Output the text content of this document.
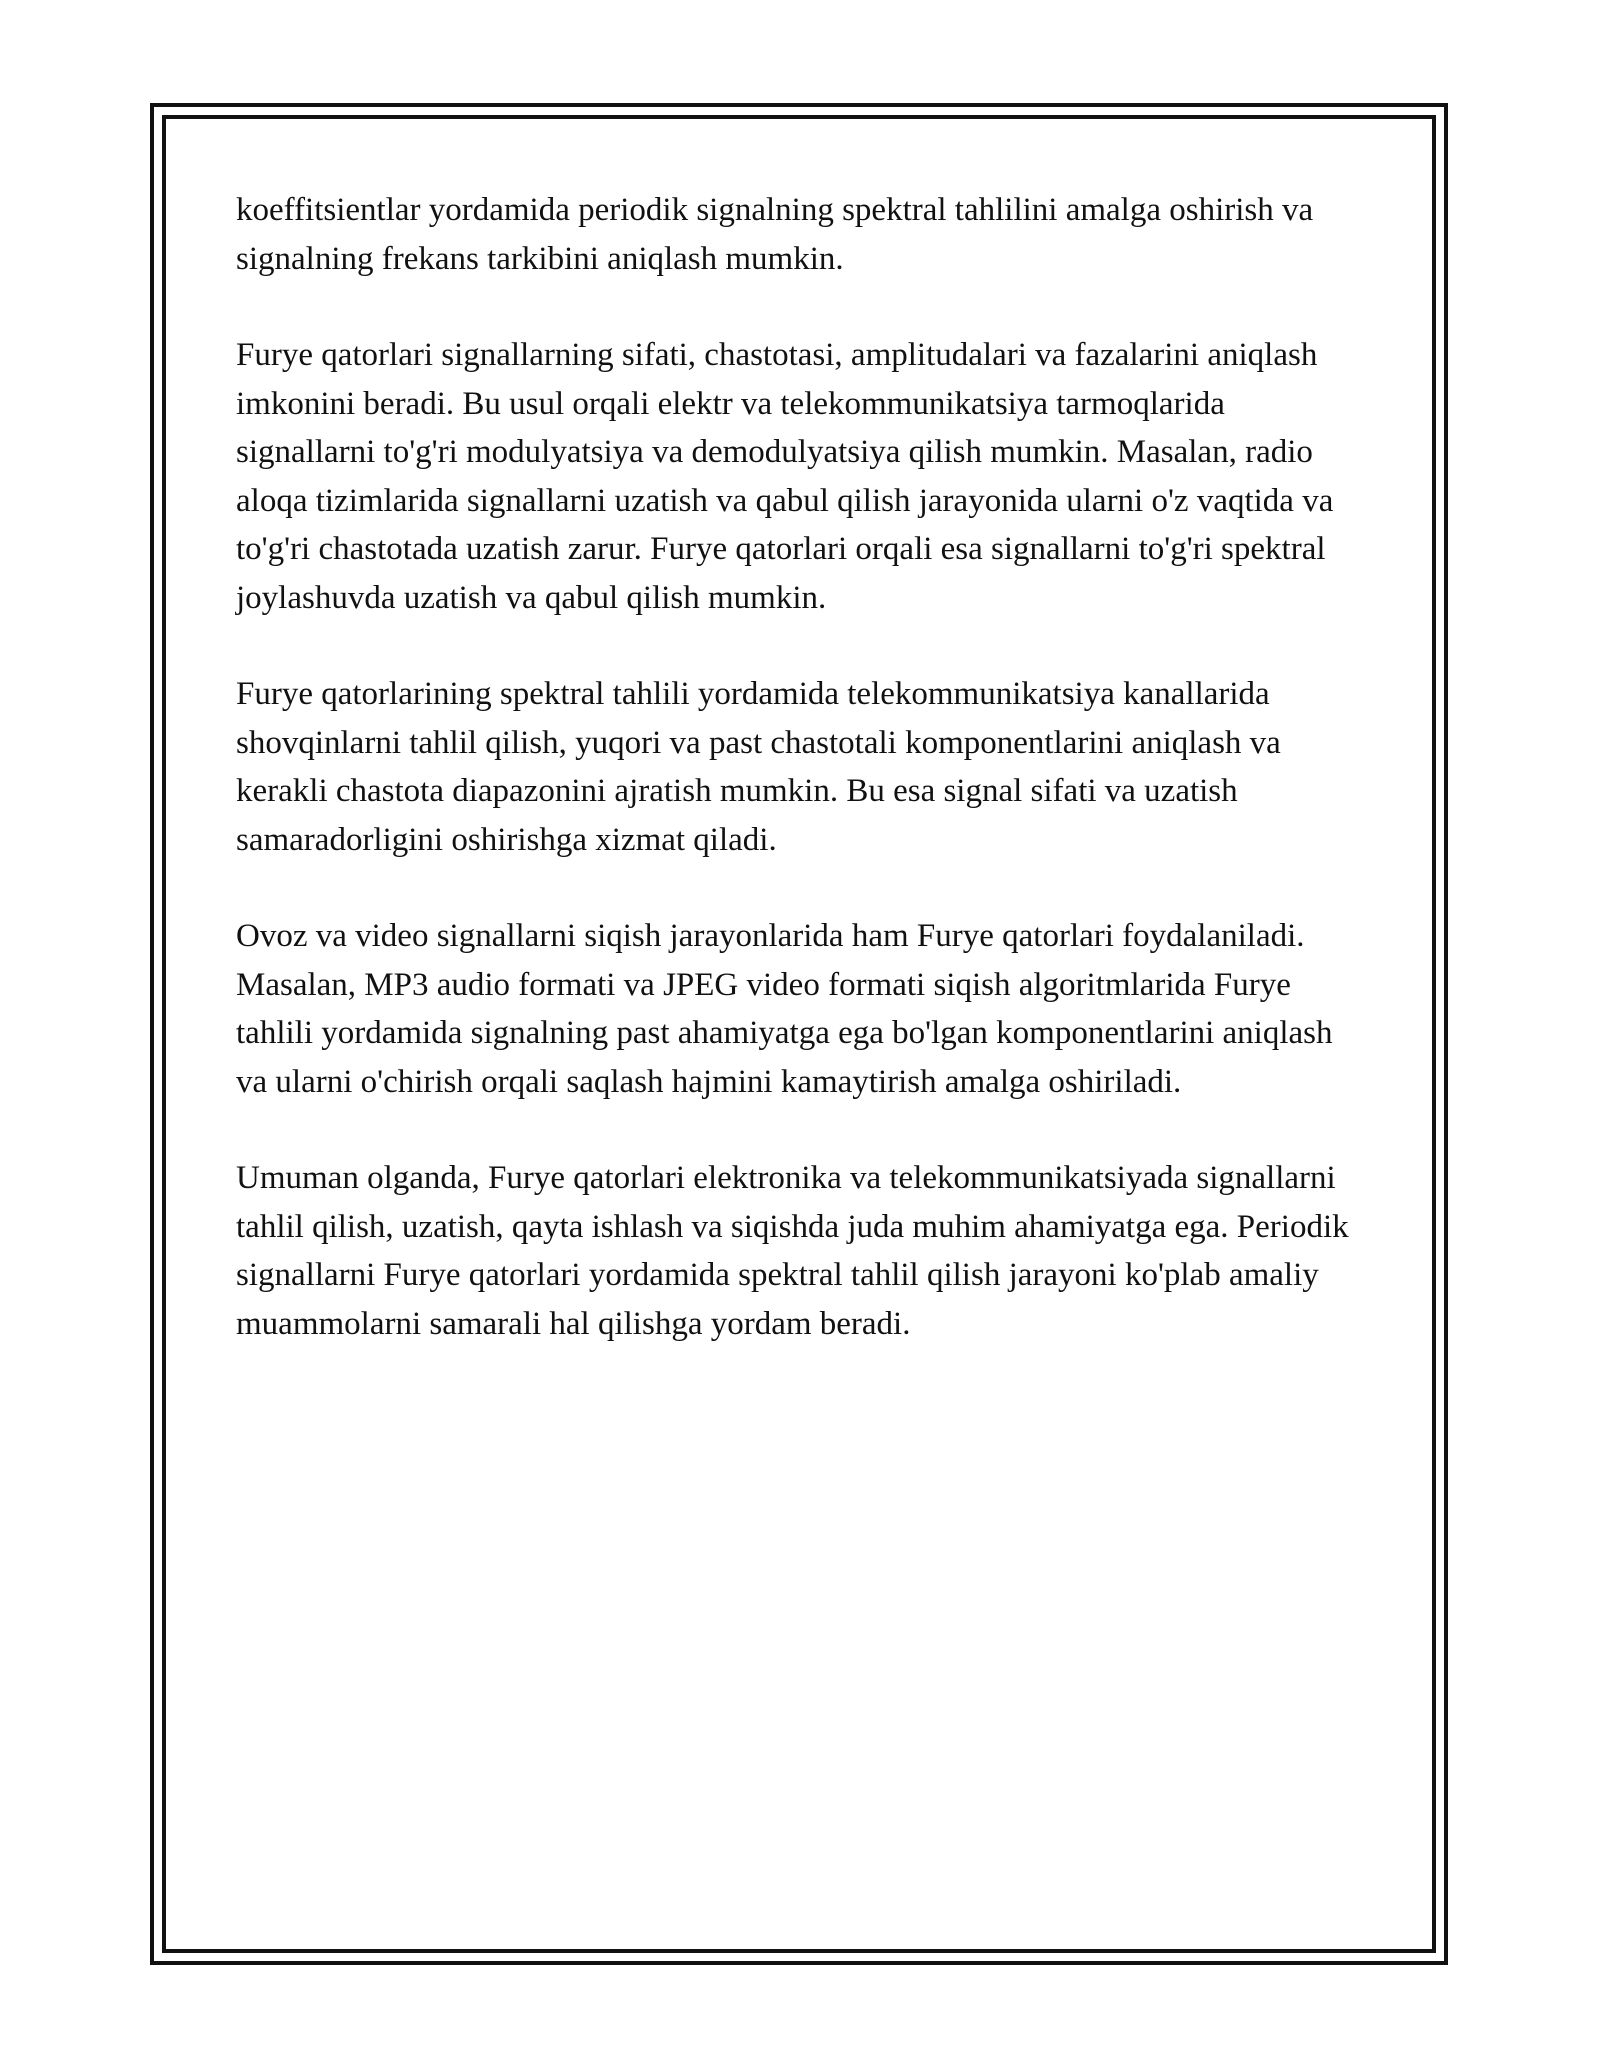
koeffitsientlar yordamida periodik signalning spektral tahlilini amalga oshirish va signalning frekans tarkibini aniqlash mumkin.

Furye qatorlari signallarning sifati, chastotasi, amplitudalari va fazalarini aniqlash imkonini beradi. Bu usul orqali elektr va telekommunikatsiya tarmoqlarida signallarni to'g'ri modulyatsiya va demodulyatsiya qilish mumkin. Masalan, radio aloqa tizimlarida signallarni uzatish va qabul qilish jarayonida ularni o'z vaqtida va to'g'ri chastotada uzatish zarur. Furye qatorlari orqali esa signallarni to'g'ri spektral joylashuvda uzatish va qabul qilish mumkin.

Furye qatorlarining spektral tahlili yordamida telekommunikatsiya kanallarida shovqinlarni tahlil qilish, yuqori va past chastotali komponentlarini aniqlash va kerakli chastota diapazonini ajratish mumkin. Bu esa signal sifati va uzatish samaradorligini oshirishga xizmat qiladi.

Ovoz va video signallarni siqish jarayonlarida ham Furye qatorlari foydalaniladi. Masalan, MP3 audio formati va JPEG video formati siqish algoritmlarida Furye tahlili yordamida signalning past ahamiyatga ega bo'lgan komponentlarini aniqlash va ularni o'chirish orqali saqlash hajmini kamaytirish amalga oshiriladi.

Umuman olganda, Furye qatorlari elektronika va telekommunikatsiyada signallarni tahlil qilish, uzatish, qayta ishlash va siqishda juda muhim ahamiyatga ega. Periodik signallarni Furye qatorlari yordamida spektral tahlil qilish jarayoni ko'plab amaliy muammolarni samarali hal qilishga yordam beradi.
